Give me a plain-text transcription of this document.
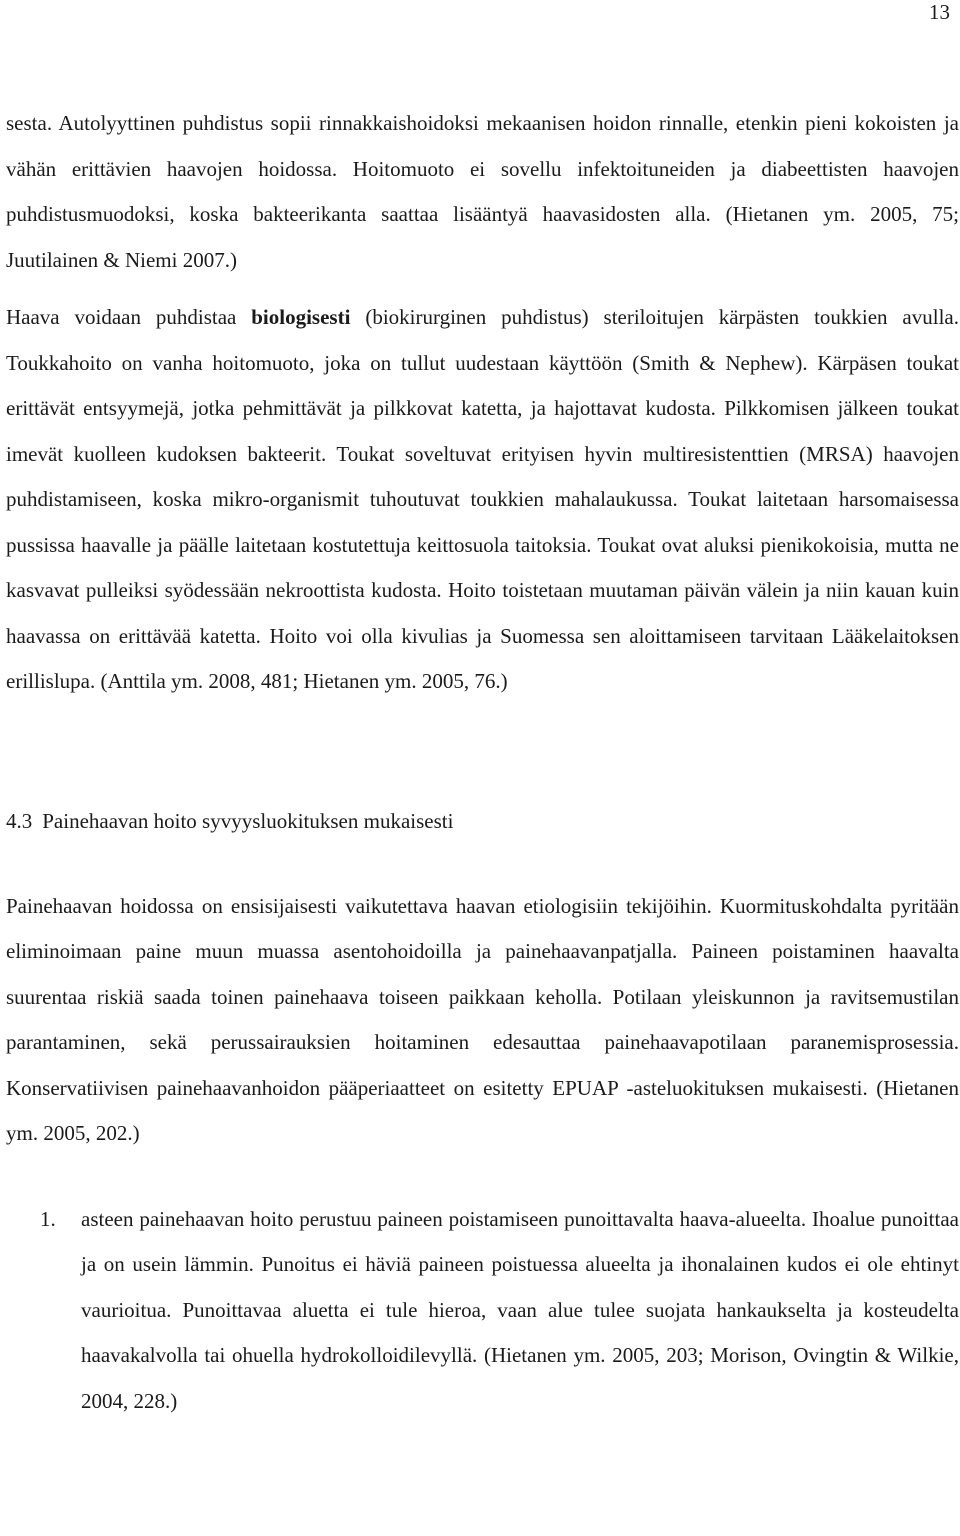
13

sesta. Autolyyttinen puhdistus sopii rinnakkaishoidoksi mekaanisen hoidon rinnalle, etenkin pieni kokoisten ja vähän erittävien haavojen hoidossa. Hoitomuoto ei sovellu infektoituneiden ja diabeettisten haavojen puhdistusmuodoksi, koska bakteerikanta saattaa lisääntyä haavasidosten alla. (Hietanen ym. 2005, 75; Juutilainen & Niemi 2007.)

Haava voidaan puhdistaa biologisesti (biokirurginen puhdistus) steriloitujen kärpästen toukkien avulla. Toukkahoito on vanha hoitomuoto, joka on tullut uudestaan käyttöön (Smith & Nephew). Kärpäsen toukat erittävät entsyymejä, jotka pehmittävät ja pilkkovat katetta, ja hajottavat kudosta. Pilkkomisen jälkeen toukat imevät kuolleen kudoksen bakteerit. Toukat soveltuvat erityisen hyvin multiresistenttien (MRSA) haavojen puhdistamiseen, koska mikro-organismit tuhoutuvat toukkien mahalaukussa. Toukat laitetaan harsomaisessa pussissa haavalle ja päälle laitetaan kostutettuja keittosuola taitoksia. Toukat ovat aluksi pienikokoisia, mutta ne kasvavat pulleiksi syödessään nekroottista kudosta. Hoito toistetaan muutaman päivän välein ja niin kauan kuin haavassa on erittävää katetta. Hoito voi olla kivulias ja Suomessa sen aloittamiseen tarvitaan Lääkelaitoksen erillislupa. (Anttila ym. 2008, 481; Hietanen ym. 2005, 76.)

4.3 Painehaavan hoito syvyysluokituksen mukaisesti

Painehaavan hoidossa on ensisijaisesti vaikutettava haavan etiologisiin tekijöihin. Kuormituskohdalta pyritään eliminoimaan paine muun muassa asentohoidoilla ja painehaavanpatjalla. Paineen poistaminen haavalta suurentaa riskiä saada toinen painehaava toiseen paikkaan keholla. Potilaan yleiskunnon ja ravitsemustilan parantaminen, sekä perussairauksien hoitaminen edesauttaa painehaavapotilaan paranemisprosessia. Konservatiivisen painehaavanhoidon pääperiaatteet on esitetty EPUAP -asteluokituksen mukaisesti. (Hietanen ym. 2005, 202.)

1. asteen painehaavan hoito perustuu paineen poistamiseen punoittavalta haava-alueelta. Ihoalue punoittaa ja on usein lämmin. Punoitus ei häviä paineen poistuessa alueelta ja ihonalainen kudos ei ole ehtinyt vaurioitua. Punoittavaa aluetta ei tule hieroa, vaan alue tulee suojata hankaukselta ja kosteudelta haavakalvolla tai ohuella hydrokolloidilevyllä. (Hietanen ym. 2005, 203; Morison, Ovingtin & Wilkie, 2004, 228.)
